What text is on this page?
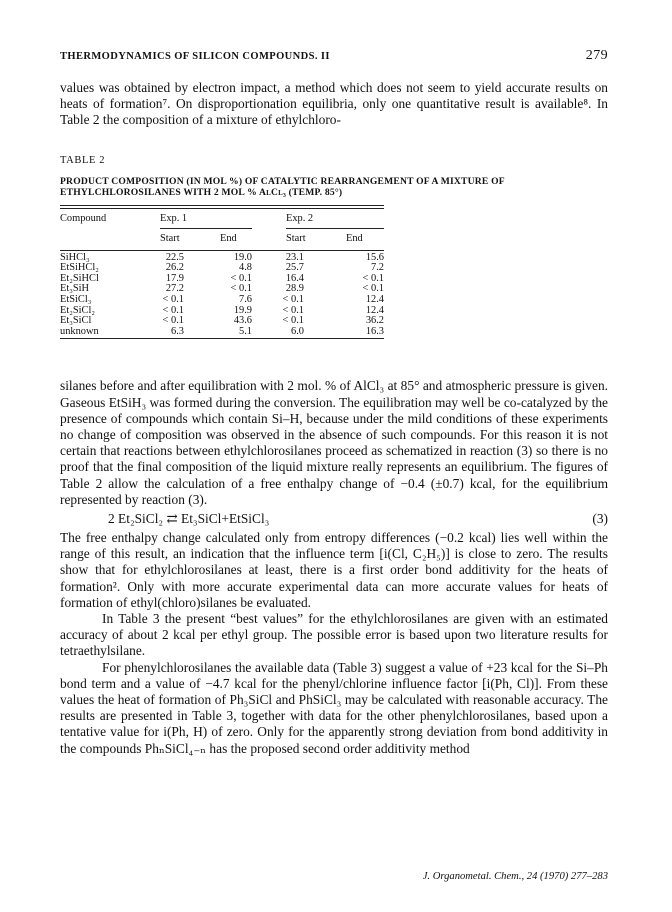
THERMODYNAMICS OF SILICON COMPOUNDS. II	279

values was obtained by electron impact, a method which does not seem to yield accurate results on heats of formation⁷. On disproportionation equilibria, only one quantitative result is available⁸. In Table 2 the composition of a mixture of ethylchloro-

TABLE 2
PRODUCT COMPOSITION (IN MOL %) OF CATALYTIC REARRANGEMENT OF A MIXTURE OF ETHYLCHLOROSILANES WITH 2 MOL % AlCl₃ (TEMP. 85°)
Compound	Exp. 1		Exp. 2	

	Start	End	Start	End

SiHCl₃	22.5	19.0	23.1	15.6
EtSiHCl₂	26.2	4.8	25.7	7.2
Et₂SiHCl	17.9	< 0.1	16.4	< 0.1
Et₃SiH	27.2	< 0.1	28.9	< 0.1
EtSiCl₃	< 0.1	7.6	< 0.1	12.4
Et₂SiCl₂	< 0.1	19.9	< 0.1	12.4
Et₃SiCl	< 0.1	43.6	< 0.1	36.2
unknown	6.3	5.1	6.0	16.3

silanes before and after equilibration with 2 mol. % of AlCl₃ at 85° and atmospheric pressure is given. Gaseous EtSiH₃ was formed during the conversion. The equilibration may well be co-catalyzed by the presence of compounds which contain Si–H, because under the mild conditions of these experiments no change of composition was observed in the absence of such compounds. For this reason it is not certain that reactions between ethylchlorosilanes proceed as schematized in reaction (3) so there is no proof that the final composition of the liquid mixture really represents an equilibrium. The figures of Table 2 allow the calculation of a free enthalpy change of −0.4 (±0.7) kcal, for the equilibrium represented by reaction (3).

2 Et₂SiCl₂ ⇄ Et₃SiCl+EtSiCl₃	(3)

The free enthalpy change calculated only from entropy differences (−0.2 kcal) lies well within the range of this result, an indication that the influence term [i(Cl, C₂H₅)] is close to zero. The results show that for ethylchlorosilanes at least, there is a first order bond additivity for the heats of formation². Only with more accurate experimental data can more accurate values for heats of formation of ethyl(chloro)silanes be evaluated.

In Table 3 the present “best values” for the ethylchlorosilanes are given with an estimated accuracy of about 2 kcal per ethyl group. The possible error is based upon two literature results for tetraethylsilane.

For phenylchlorosilanes the available data (Table 3) suggest a value of +23 kcal for the Si–Ph bond term and a value of −4.7 kcal for the phenyl/chlorine influence factor [i(Ph, Cl)]. From these values the heat of formation of Ph₃SiCl and PhSiCl₃ may be calculated with reasonable accuracy. The results are presented in Table 3, together with data for the other phenylchlorosilanes, based upon a tentative value for i(Ph, H) of zero. Only for the apparently strong deviation from bond additivity in the compounds PhₙSiCl₄₋ₙ has the proposed second order additivity method

J. Organometal. Chem., 24 (1970) 277–283
